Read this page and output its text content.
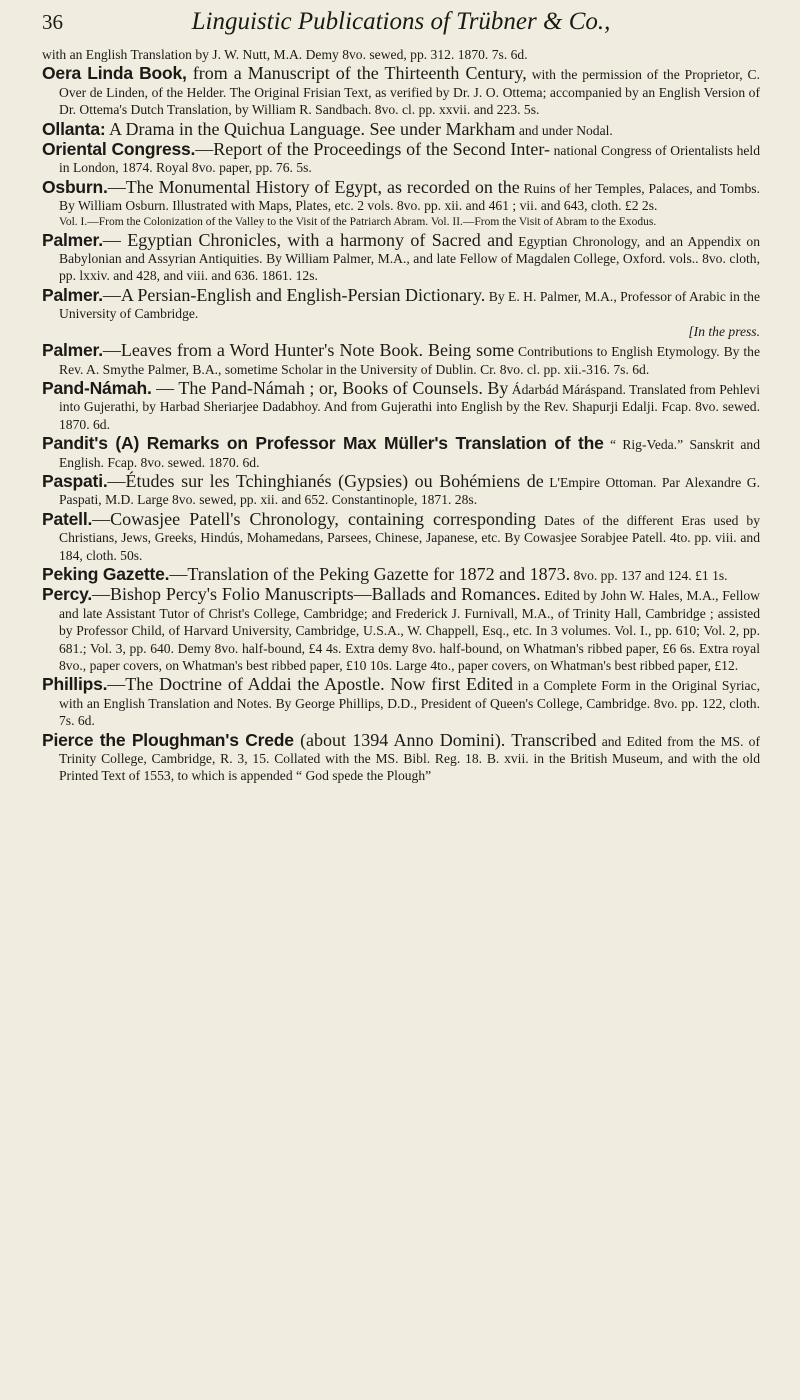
36	Linguistic Publications of Trübner & Co.,

with an English Translation by J. W. Nutt, M.A. Demy 8vo. sewed, pp. 312. 1870. 7s. 6d.

Oera Linda Book, from a Manuscript of the Thirteenth Century, with the permission of the Proprietor, C. Over de Linden, of the Helder. The Original Frisian Text, as verified by Dr. J. O. Ottema; accompanied by an English Version of Dr. Ottema's Dutch Translation, by William R. Sandbach. 8vo. cl. pp. xxvii. and 223. 5s.

Ollanta: A Drama in the Quichua Language. See under Markham and under Nodal.

Oriental Congress.—Report of the Proceedings of the Second Inter- national Congress of Orientalists held in London, 1874. Royal 8vo. paper, pp. 76. 5s.

Osburn.—The Monumental History of Egypt, as recorded on the Ruins of her Temples, Palaces, and Tombs. By William Osburn. Illustrated with Maps, Plates, etc. 2 vols. 8vo. pp. xii. and 461 ; vii. and 643, cloth. £2 2s.
Vol. I.—From the Colonization of the Valley to the Visit of the Patriarch Abram. Vol. II.—From the Visit of Abram to the Exodus.

Palmer.— Egyptian Chronicles, with a harmony of Sacred and Egyptian Chronology, and an Appendix on Babylonian and Assyrian Antiquities. By William Palmer, M.A., and late Fellow of Magdalen College, Oxford. vols.. 8vo. cloth, pp. lxxiv. and 428, and viii. and 636. 1861. 12s.

Palmer.—A Persian-English and English-Persian Dictionary. By E. H. Palmer, M.A., Professor of Arabic in the University of Cambridge.
[In the press.

Palmer.—Leaves from a Word Hunter's Note Book. Being some Contributions to English Etymology. By the Rev. A. Smythe Palmer, B.A., sometime Scholar in the University of Dublin. Cr. 8vo. cl. pp. xii.-316. 7s. 6d.

Pand-Námah. — The Pand-Námah ; or, Books of Counsels. By Ádarbád Máráspand. Translated from Pehlevi into Gujerathi, by Harbad Sheriarjee Dadabhoy. And from Gujerathi into English by the Rev. Shapurji Edalji. Fcap. 8vo. sewed. 1870. 6d.

Pandit's (A) Remarks on Professor Max Müller's Translation of the “ Rig-Veda.” Sanskrit and English. Fcap. 8vo. sewed. 1870. 6d.

Paspati.—Études sur les Tchinghianés (Gypsies) ou Bohémiens de L'Empire Ottoman. Par Alexandre G. Paspati, M.D. Large 8vo. sewed, pp. xii. and 652. Constantinople, 1871. 28s.

Patell.—Cowasjee Patell's Chronology, containing corresponding Dates of the different Eras used by Christians, Jews, Greeks, Hindús, Mohamedans, Parsees, Chinese, Japanese, etc. By Cowasjee Sorabjee Patell. 4to. pp. viii. and 184, cloth. 50s.

Peking Gazette.—Translation of the Peking Gazette for 1872 and 1873. 8vo. pp. 137 and 124. £1 1s.

Percy.—Bishop Percy's Folio Manuscripts—Ballads and Romances. Edited by John W. Hales, M.A., Fellow and late Assistant Tutor of Christ's College, Cambridge; and Frederick J. Furnivall, M.A., of Trinity Hall, Cambridge ; assisted by Professor Child, of Harvard University, Cambridge, U.S.A., W. Chappell, Esq., etc. In 3 volumes. Vol. I., pp. 610; Vol. 2, pp. 681.; Vol. 3, pp. 640. Demy 8vo. half-bound, £4 4s. Extra demy 8vo. half-bound, on Whatman's ribbed paper, £6 6s. Extra royal 8vo., paper covers, on Whatman's best ribbed paper, £10 10s. Large 4to., paper covers, on Whatman's best ribbed paper, £12.

Phillips.—The Doctrine of Addai the Apostle. Now first Edited in a Complete Form in the Original Syriac, with an English Translation and Notes. By George Phillips, D.D., President of Queen's College, Cambridge. 8vo. pp. 122, cloth. 7s. 6d.

Pierce the Ploughman's Crede (about 1394 Anno Domini). Transcribed and Edited from the MS. of Trinity College, Cambridge, R. 3, 15. Collated with the MS. Bibl. Reg. 18. B. xvii. in the British Museum, and with the old Printed Text of 1553, to which is appended “ God spede the Plough”
